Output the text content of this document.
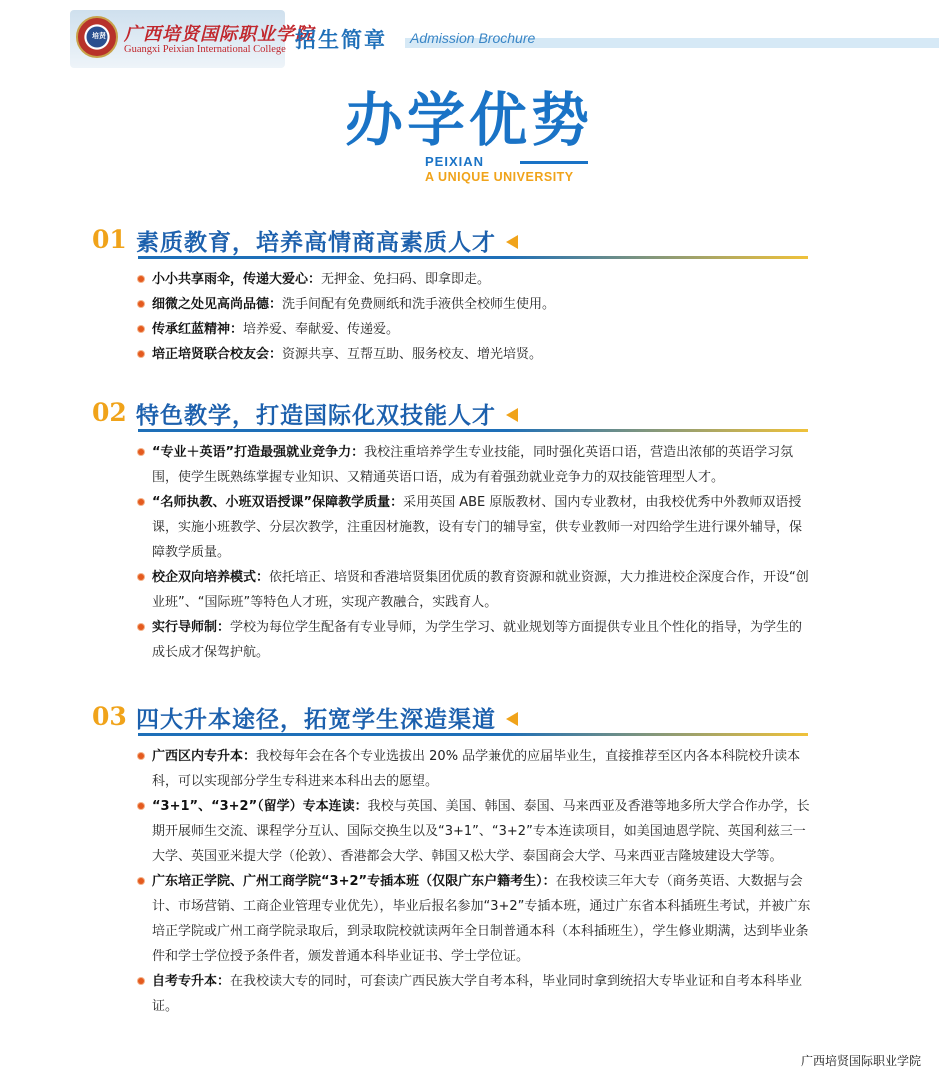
培贤	广西培贤国际职业学院
Guangxi Peixian International College 招生简章 Admission Brochure
办学优势
PEIXIAN
A UNIQUE UNIVERSITY
01 素质教育，培养高情商高素质人才
小小共享雨伞，传递大爱心：无押金、免扫码、即拿即走。
细微之处见高尚品德：洗手间配有免费厕纸和洗手液供全校师生使用。
传承红蓝精神：培养爱、奉献爱、传递爱。
培正培贤联合校友会：资源共享、互帮互助、服务校友、增光培贤。
02 特色教学，打造国际化双技能人才
“专业＋英语”打造最强就业竞争力：我校注重培养学生专业技能，同时强化英语口语，营造出浓郁的英语学习氛围，使学生既熟练掌握专业知识、又精通英语口语，成为有着强劲就业竞争力的双技能管理型人才。
“名师执教、小班双语授课”保障教学质量：采用英国 ABE 原版教材、国内专业教材，由我校优秀中外教师双语授课，实施小班教学、分层次教学，注重因材施教，设有专门的辅导室，供专业教师一对四给学生进行课外辅导，保障教学质量。
校企双向培养模式：依托培正、培贤和香港培贤集团优质的教育资源和就业资源，大力推进校企深度合作，开设“创业班”、“国际班”等特色人才班，实现产教融合，实践育人。
实行导师制：学校为每位学生配备有专业导师，为学生学习、就业规划等方面提供专业且个性化的指导，为学生的成长成才保驾护航。
03 四大升本途径，拓宽学生深造渠道
广西区内专升本：我校每年会在各个专业选拔出 20% 品学兼优的应届毕业生，直接推荐至区内各本科院校升读本科，可以实现部分学生专科进来本科出去的愿望。
“3+1”、“3+2”（留学）专本连读：我校与英国、美国、韩国、泰国、马来西亚及香港等地多所大学合作办学，长期开展师生交流、课程学分互认、国际交换生以及“3+1”、“3+2”专本连读项目，如美国迪恩学院、英国利兹三一大学、英国亚米提大学（伦敦）、香港都会大学、韩国又松大学、泰国商会大学、马来西亚吉隆坡建设大学等。
广东培正学院、广州工商学院“3+2”专插本班（仅限广东户籍考生）：在我校读三年大专（商务英语、大数据与会计、市场营销、工商企业管理专业优先），毕业后报名参加“3+2”专插本班，通过广东省本科插班生考试，并被广东培正学院或广州工商学院录取后，到录取院校就读两年全日制普通本科（本科插班生），学生修业期满，达到毕业条件和学士学位授予条件者，颁发普通本科毕业证书、学士学位证。
自考专升本：在我校读大专的同时，可套读广西民族大学自考本科，毕业同时拿到统招大专毕业证和自考本科毕业证。
广西培贤国际职业学院
